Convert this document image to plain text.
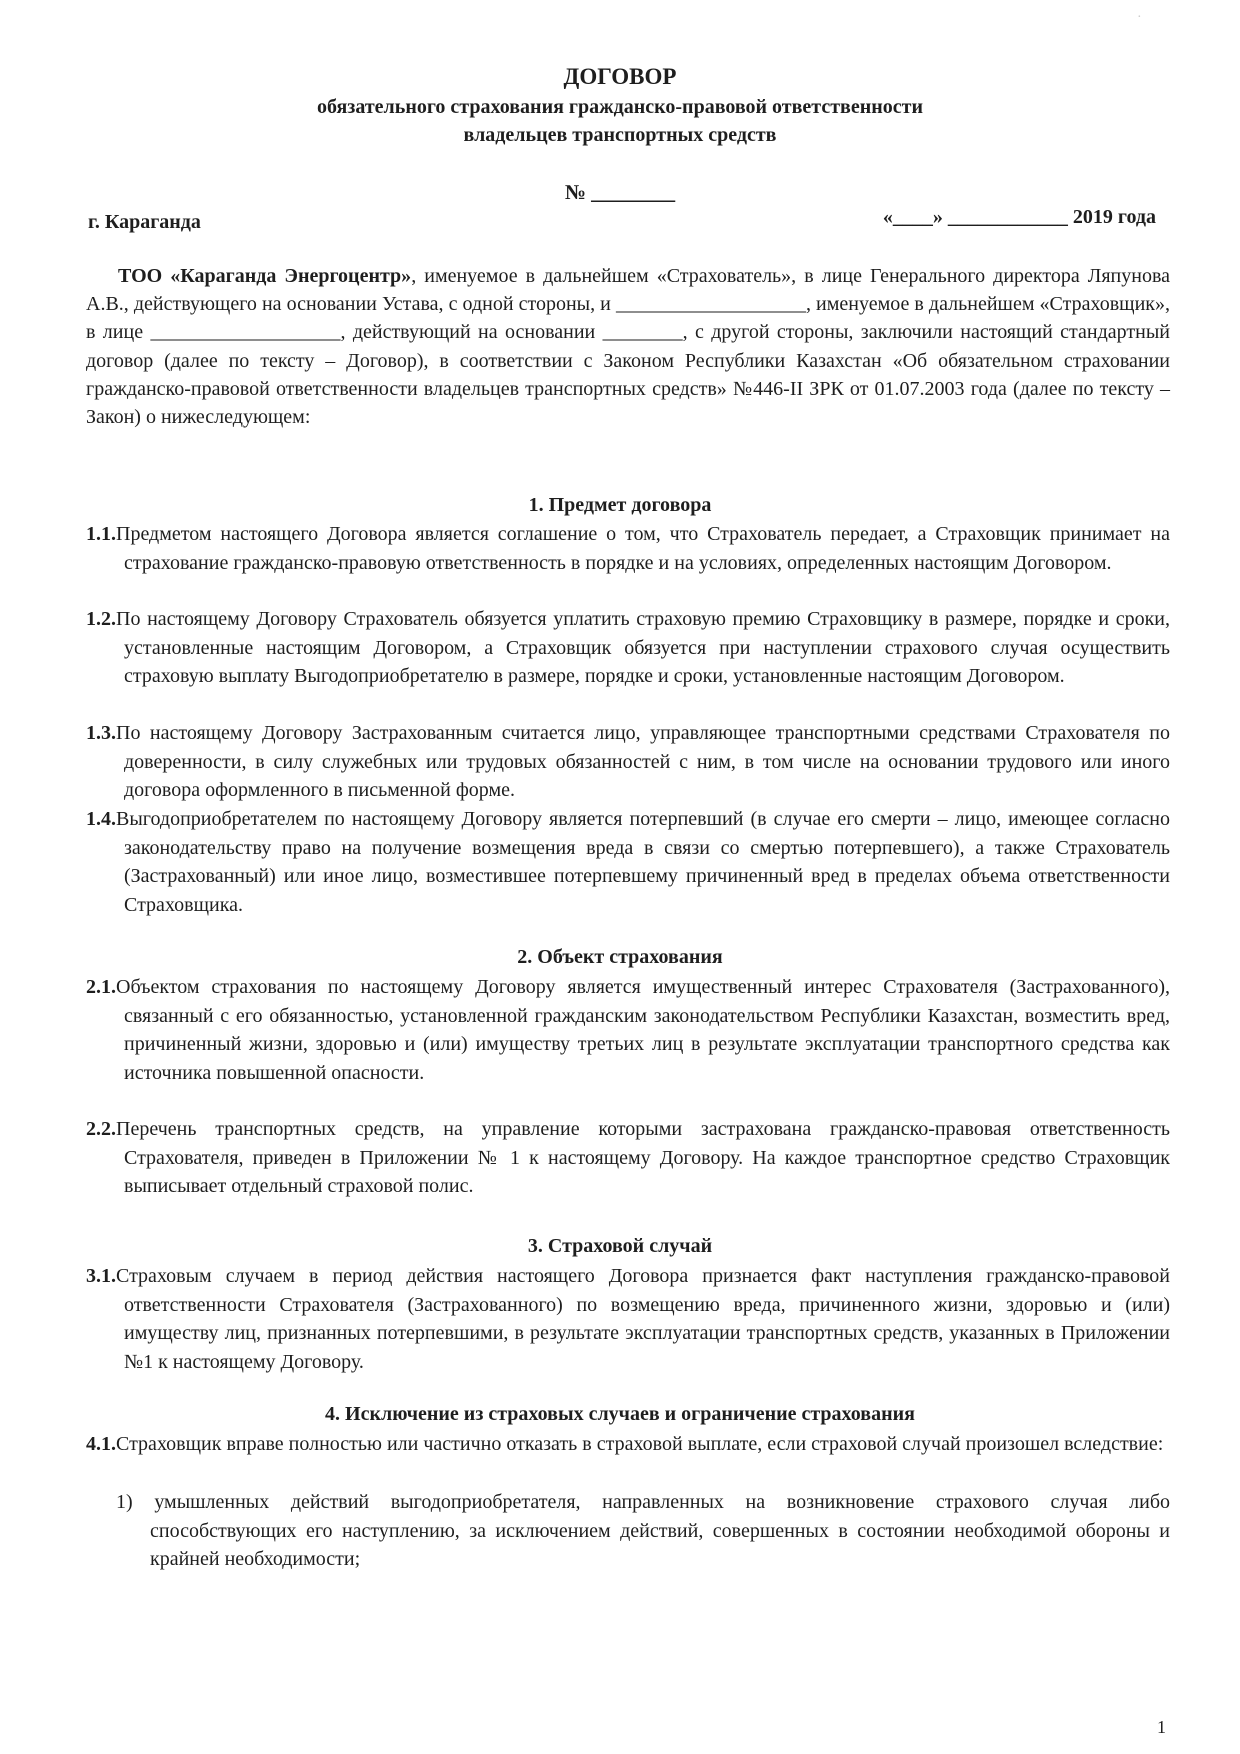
·
ДОГОВОР
обязательного страхования гражданско-правовой ответственности
владельцев транспортных средств
№ ________
г. Караганда	«____» ____________ 2019 года

ТОО «Караганда Энергоцентр», именуемое в дальнейшем «Страхователь», в лице Генерального директора Ляпунова А.В., действующего на основании Устава, с одной стороны, и ___________________, именуемое в дальнейшем «Страховщик», в лице ___________________, действующий на основании ________, с другой стороны, заключили настоящий стандартный договор (далее по тексту – Договор), в соответствии с Законом Республики Казахстан «Об обязательном страховании гражданско-правовой ответственности владельцев транспортных средств» №446-II ЗРК от 01.07.2003 года (далее по тексту – Закон) о нижеследующем:

1. Предмет договора

1.1.Предметом настоящего Договора является соглашение о том, что Страхователь передает, а Страховщик принимает на страхование гражданско-правовую ответственность в порядке и на условиях, определенных настоящим Договором.

1.2.По настоящему Договору Страхователь обязуется уплатить страховую премию Страховщику в размере, порядке и сроки, установленные настоящим Договором, а Страховщик обязуется при наступлении страхового случая осуществить страховую выплату Выгодоприобретателю в размере, порядке и сроки, установленные настоящим Договором.

1.3.По настоящему Договору Застрахованным считается лицо, управляющее транспортными средствами Страхователя по доверенности, в силу служебных или трудовых обязанностей с ним, в том числе на основании трудового или иного договора оформленного в письменной форме.

1.4.Выгодоприобретателем по настоящему Договору является потерпевший (в случае его смерти – лицо, имеющее согласно законодательству право на получение возмещения вреда в связи со смертью потерпевшего), а также Страхователь (Застрахованный) или иное лицо, возместившее потерпевшему причиненный вред в пределах объема ответственности Страховщика.

2. Объект страхования

2.1.Объектом страхования по настоящему Договору является имущественный интерес Страхователя (Застрахованного), связанный с его обязанностью, установленной гражданским законодательством Республики Казахстан, возместить вред, причиненный жизни, здоровью и (или) имуществу третьих лиц в результате эксплуатации транспортного средства как источника повышенной опасности.

2.2.Перечень транспортных средств, на управление которыми застрахована гражданско-правовая ответственность Страхователя, приведен в Приложении № 1 к настоящему Договору. На каждое транспортное средство Страховщик выписывает отдельный страховой полис.

3. Страховой случай

3.1.Страховым случаем в период действия настоящего Договора признается факт наступления гражданско-правовой ответственности Страхователя (Застрахованного) по возмещению вреда, причиненного жизни, здоровью и (или) имуществу лиц, признанных потерпевшими, в результате эксплуатации транспортных средств, указанных в Приложении №1 к настоящему Договору.

4. Исключение из страховых случаев и ограничение страхования

4.1.Страховщик вправе полностью или частично отказать в страховой выплате, если страховой случай произошел вследствие:

1) умышленных действий выгодоприобретателя, направленных на возникновение страхового случая либо способствующих его наступлению, за исключением действий, совершенных в состоянии необходимой обороны и крайней необходимости;

1
